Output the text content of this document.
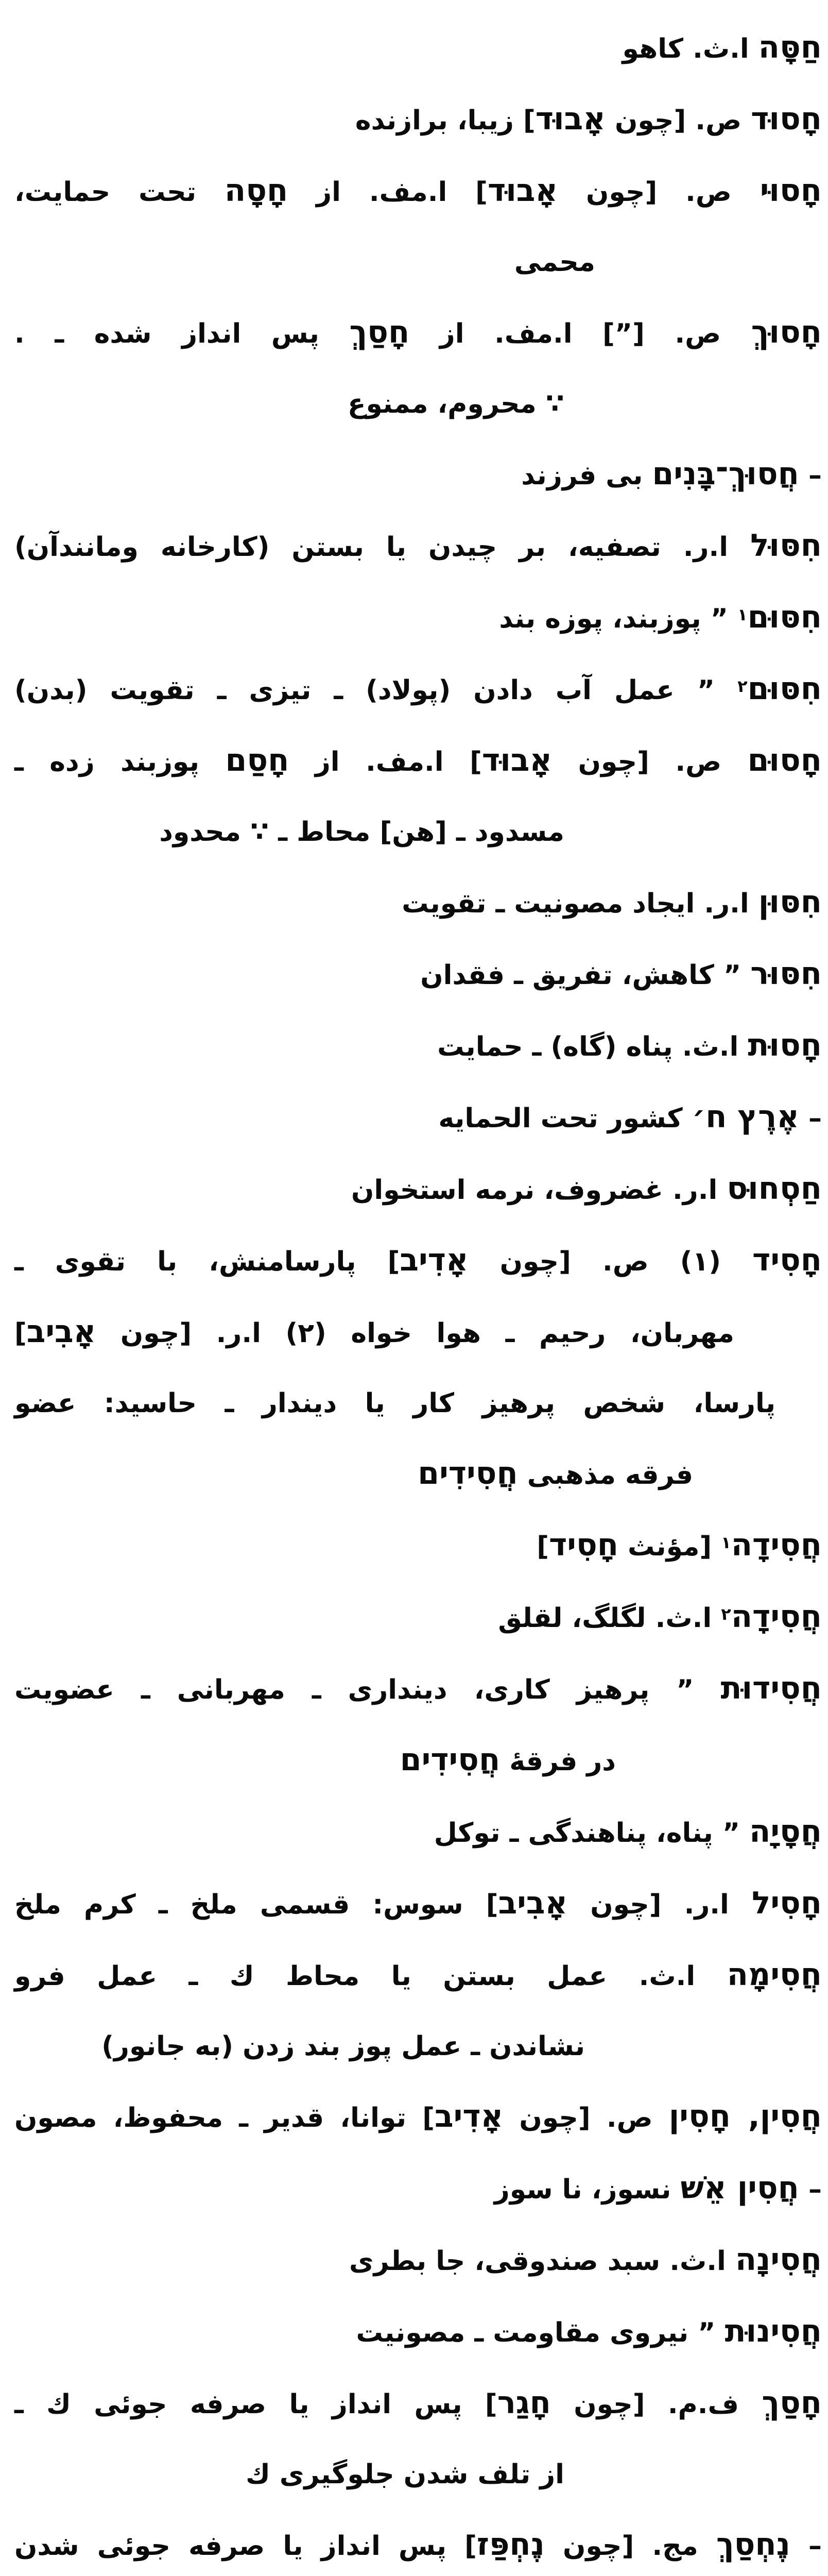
חַסָּה ا.ث. كاهو
חָסוּד ص. [چون אָבוּד] زيبا، برازنده
חָסוּי ص. [چون אָבוּד] ا.مف. از חָסָה تحت حمايت،
محمى
חָסוּךְ ص. [”] ا.مف. از חָסַךְ پس انداز شده ـ .
∵ محروم، ممنوع
– חֲסוּךְ־בָּנִים بى فرزند
חִסּוּל ا.ر. تصفيه، بر چيدن يا بستن (كارخانه ومانندآن)
חִסּוּם$^١$ ” پوزبند، پوزه بند
חִסּוּם$^٢$ ” عمل آب دادن (پولاد) ـ تيزى ـ تقويت (بدن)
חָסוּם ص. [چون אָבוּד] ا.مف. از חָסַם پوزبند زده ـ
مسدود ـ [هن] محاط ـ ∵ محدود
חִסּוּן ا.ر. ايجاد مصونيت ـ تقويت
חִסּוּר ” كاهش، تفريق ـ فقدان
חָסוּת ا.ث. پناه (گاه) ـ حمايت
– אֶרֶץ ח׳ كشور تحت الحمايه
חַסְחוּס ا.ر. غضروف، نرمه استخوان
חָסִיד (١) ص. [چون אָדִיב] پارسامنش، با تقوى ـ
مهربان، رحيم ـ هوا خواه (٢) ا.ر. [چون אָבִיב]
پارسا، شخص پرهيز كار يا ديندار ـ حاسيد: عضو
فرقه مذهبى חֲסִידִים
חֲסִידָה$^١$ [مؤنث חָסִיד]
חֲסִידָה$^٢$ ا.ث. لگلگ، لقلق
חֲסִידוּת ” پرهيز كارى، ديندارى ـ مهربانى ـ عضويت
در فرقهٔ חֲסִידִים
חֲסָיָה ” پناه، پناهندگى ـ توكل
חָסִיל ا.ر. [چون אָבִיב] سوس: قسمى ملخ ـ كرم ملخ
חֲסִימָה ا.ث. عمل بستن يا محاط ك ـ عمل فرو
نشاندن ـ عمل پوز بند زدن (به جانور)
חֲסִין, חָסִין ص. [چون אָדִיב] توانا، قدير ـ محفوظ، مصون
– חֲסִין אֵשׁ نسوز، نا سوز
חֲסִינָה ا.ث. سبد صندوقى، جا بطرى
חֲסִינוּת ” نيروى مقاومت ـ مصونيت
חָסַךְ ف.م. [چون חָגַר] پس انداز يا صرفه جوئى ك ـ
از تلف شدن جلوگيرى ك
– נֶחְסַךְ مج. [چون נֶחְפַּז] پس انداز يا صرفه جوئى شدن
